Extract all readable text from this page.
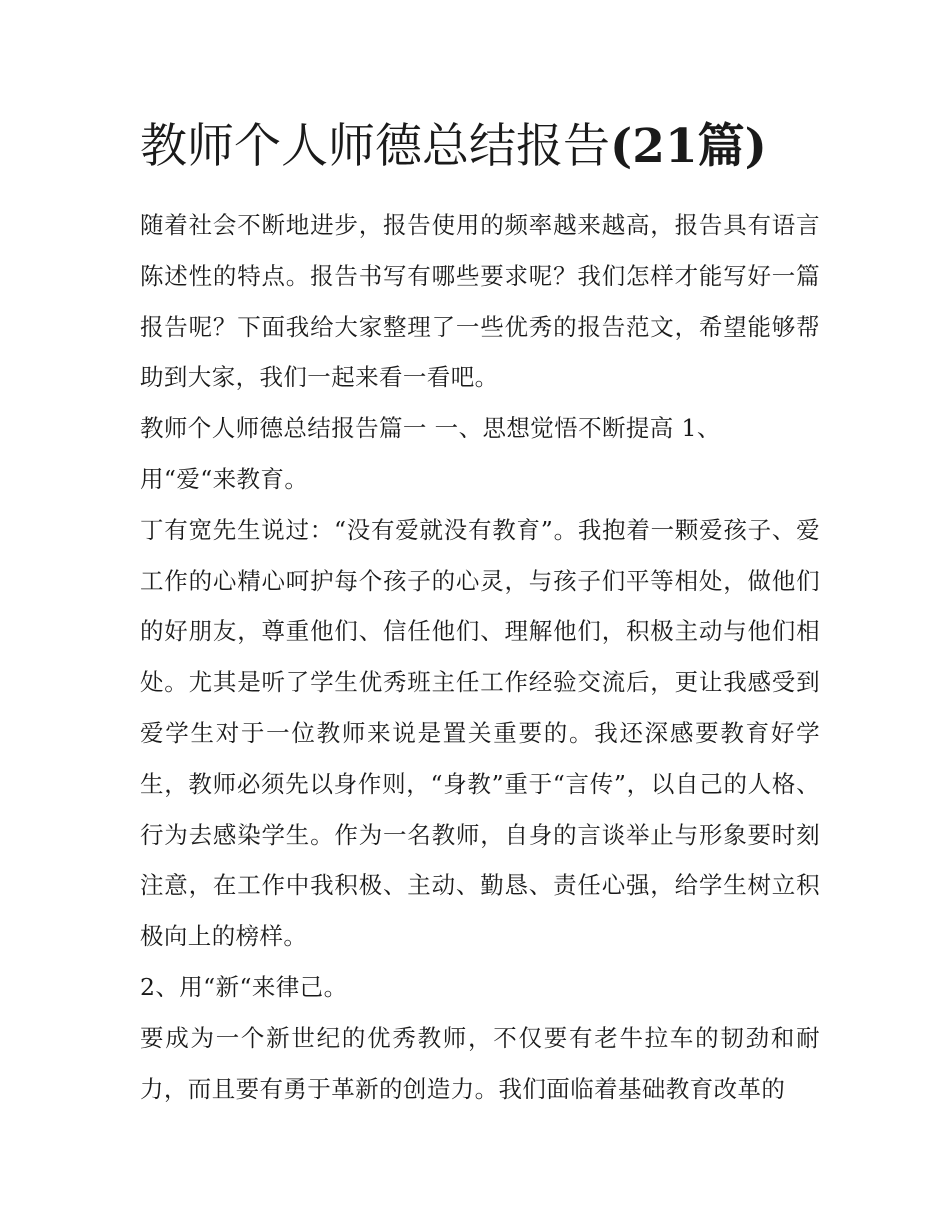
教师个人师德总结报告(21篇)

随着社会不断地进步，报告使用的频率越来越高，报告具有语言陈述性的特点。报告书写有哪些要求呢？我们怎样才能写好一篇报告呢？下面我给大家整理了一些优秀的报告范文，希望能够帮助到大家，我们一起来看一看吧。

教师个人师德总结报告篇一 一、思想觉悟不断提高 1、

用“爱“来教育。

丁有宽先生说过：“没有爱就没有教育”。我抱着一颗爱孩子、爱工作的心精心呵护每个孩子的心灵，与孩子们平等相处，做他们的好朋友，尊重他们、信任他们、理解他们，积极主动与他们相处。尤其是听了学生优秀班主任工作经验交流后，更让我感受到爱学生对于一位教师来说是置关重要的。我还深感要教育好学生，教师必须先以身作则，“身教”重于“言传”，以自己的人格、行为去感染学生。作为一名教师，自身的言谈举止与形象要时刻注意，在工作中我积极、主动、勤恳、责任心强，给学生树立积极向上的榜样。

2、用“新“来律己。

要成为一个新世纪的优秀教师，不仅要有老牛拉车的韧劲和耐力，而且要有勇于革新的创造力。我们面临着基础教育改革的
